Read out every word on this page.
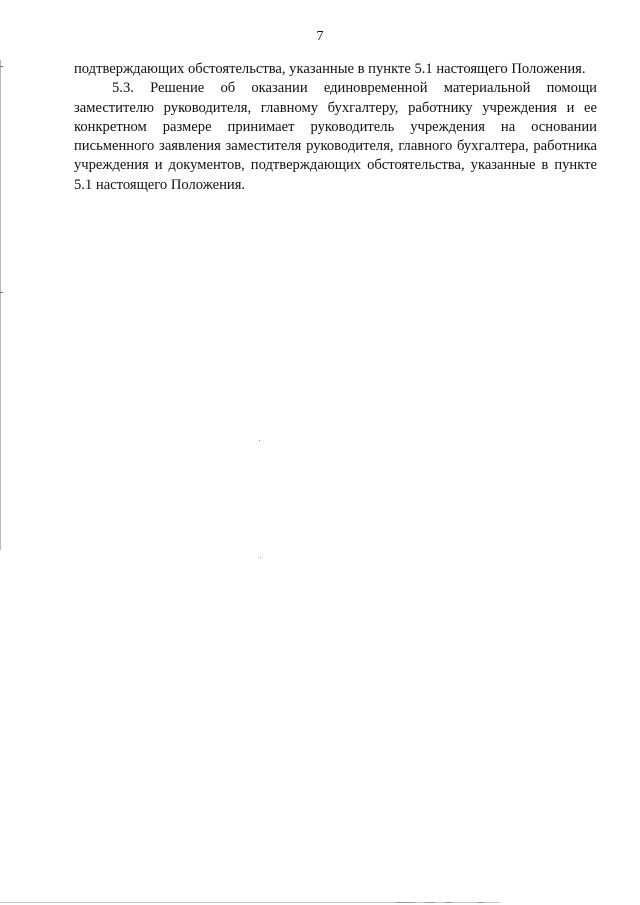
7

подтверждающих обстоятельства, указанные в пункте 5.1 настоящего Положения.

5.3. Решение об оказании единовременной материальной помощи заместителю руководителя, главному бухгалтеру, работнику учреждения и ее конкретном размере принимает руководитель учреждения на основании письменного заявления заместителя руководителя, главного бухгалтера, работника учреждения и документов, подтверждающих обстоятельства, указанные в пункте 5.1 настоящего Положения.
